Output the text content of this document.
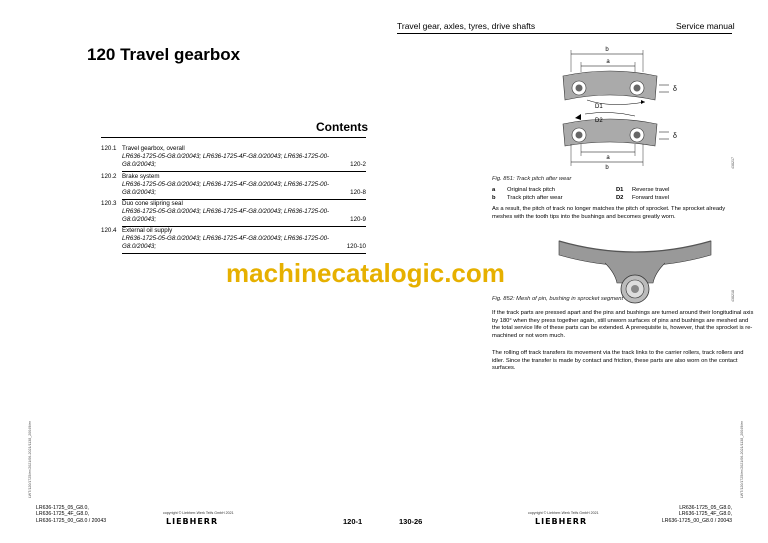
Travel gear, axles, tyres, drive shafts	Service manual
120 Travel gearbox
Contents
120.1 Travel gearbox, overall
LR636-1725-05-G8.0/20043; LR636-1725-4F-G8.0/20043; LR636-1725-00-G8.0/20043;	120-2
120.2 Brake system
LR636-1725-05-G8.0/20043; LR636-1725-4F-G8.0/20043; LR636-1725-00-G8.0/20043;	120-8
120.3 Duo cone slipring seal
LR636-1725-05-G8.0/20043; LR636-1725-4F-G8.0/20043; LR636-1725-00-G8.0/20043;	120-9
120.4 External oil supply
LR636-1725-05-G8.0/20043; LR636-1725-4F-G8.0/20043; LR636-1725-00-G8.0/20043;	120-10
LWT/120/1725/en/2021/06-2021/1138_20049/en
LR636-1725_05_G8.0,
LR636-1725_4F_G8.0,
LR636-1725_00_G8.0 / 20043
copyright © Liebherr-Werk Telfs GmbH 2021
LIEBHERR	120-1
machinecatalogic.com
b
a
δ
D1
D2
δ
a
b	438217
Fig. 851: Track pitch after wear
a Original track pitch
b Track pitch after wear
D1 Reverse travel
D2 Forward travel
As a result, the pitch of track no longer matches the pitch of sprocket. The sprocket already meshes with the tooth tips into the bushings and becomes greatly worn.
438218
Fig. 852: Mesh of pin, bushing in sprocket segment
If the track parts are pressed apart and the pins and bushings are turned around their longitudinal axis by 180° when they press together again, still unworn surfaces of pins and bushings are meshed and the total service life of these parts can be extended. A prerequisite is, however, that the sprocket is re-machined or not worn much.
The rolling off track transfers its movement via the track links to the carrier rollers, track rollers and idler. Since the transfer is made by contact and friction, these parts are also worn on the contact surfaces.
LWT/120/1725/en/2021/06-2021/1138_20049/en
130-26
copyright © Liebherr-Werk Telfs GmbH 2021
LIEBHERR
LR636-1725_05_G8.0,
LR636-1725_4F_G8.0,
LR636-1725_00_G8.0 / 20043
